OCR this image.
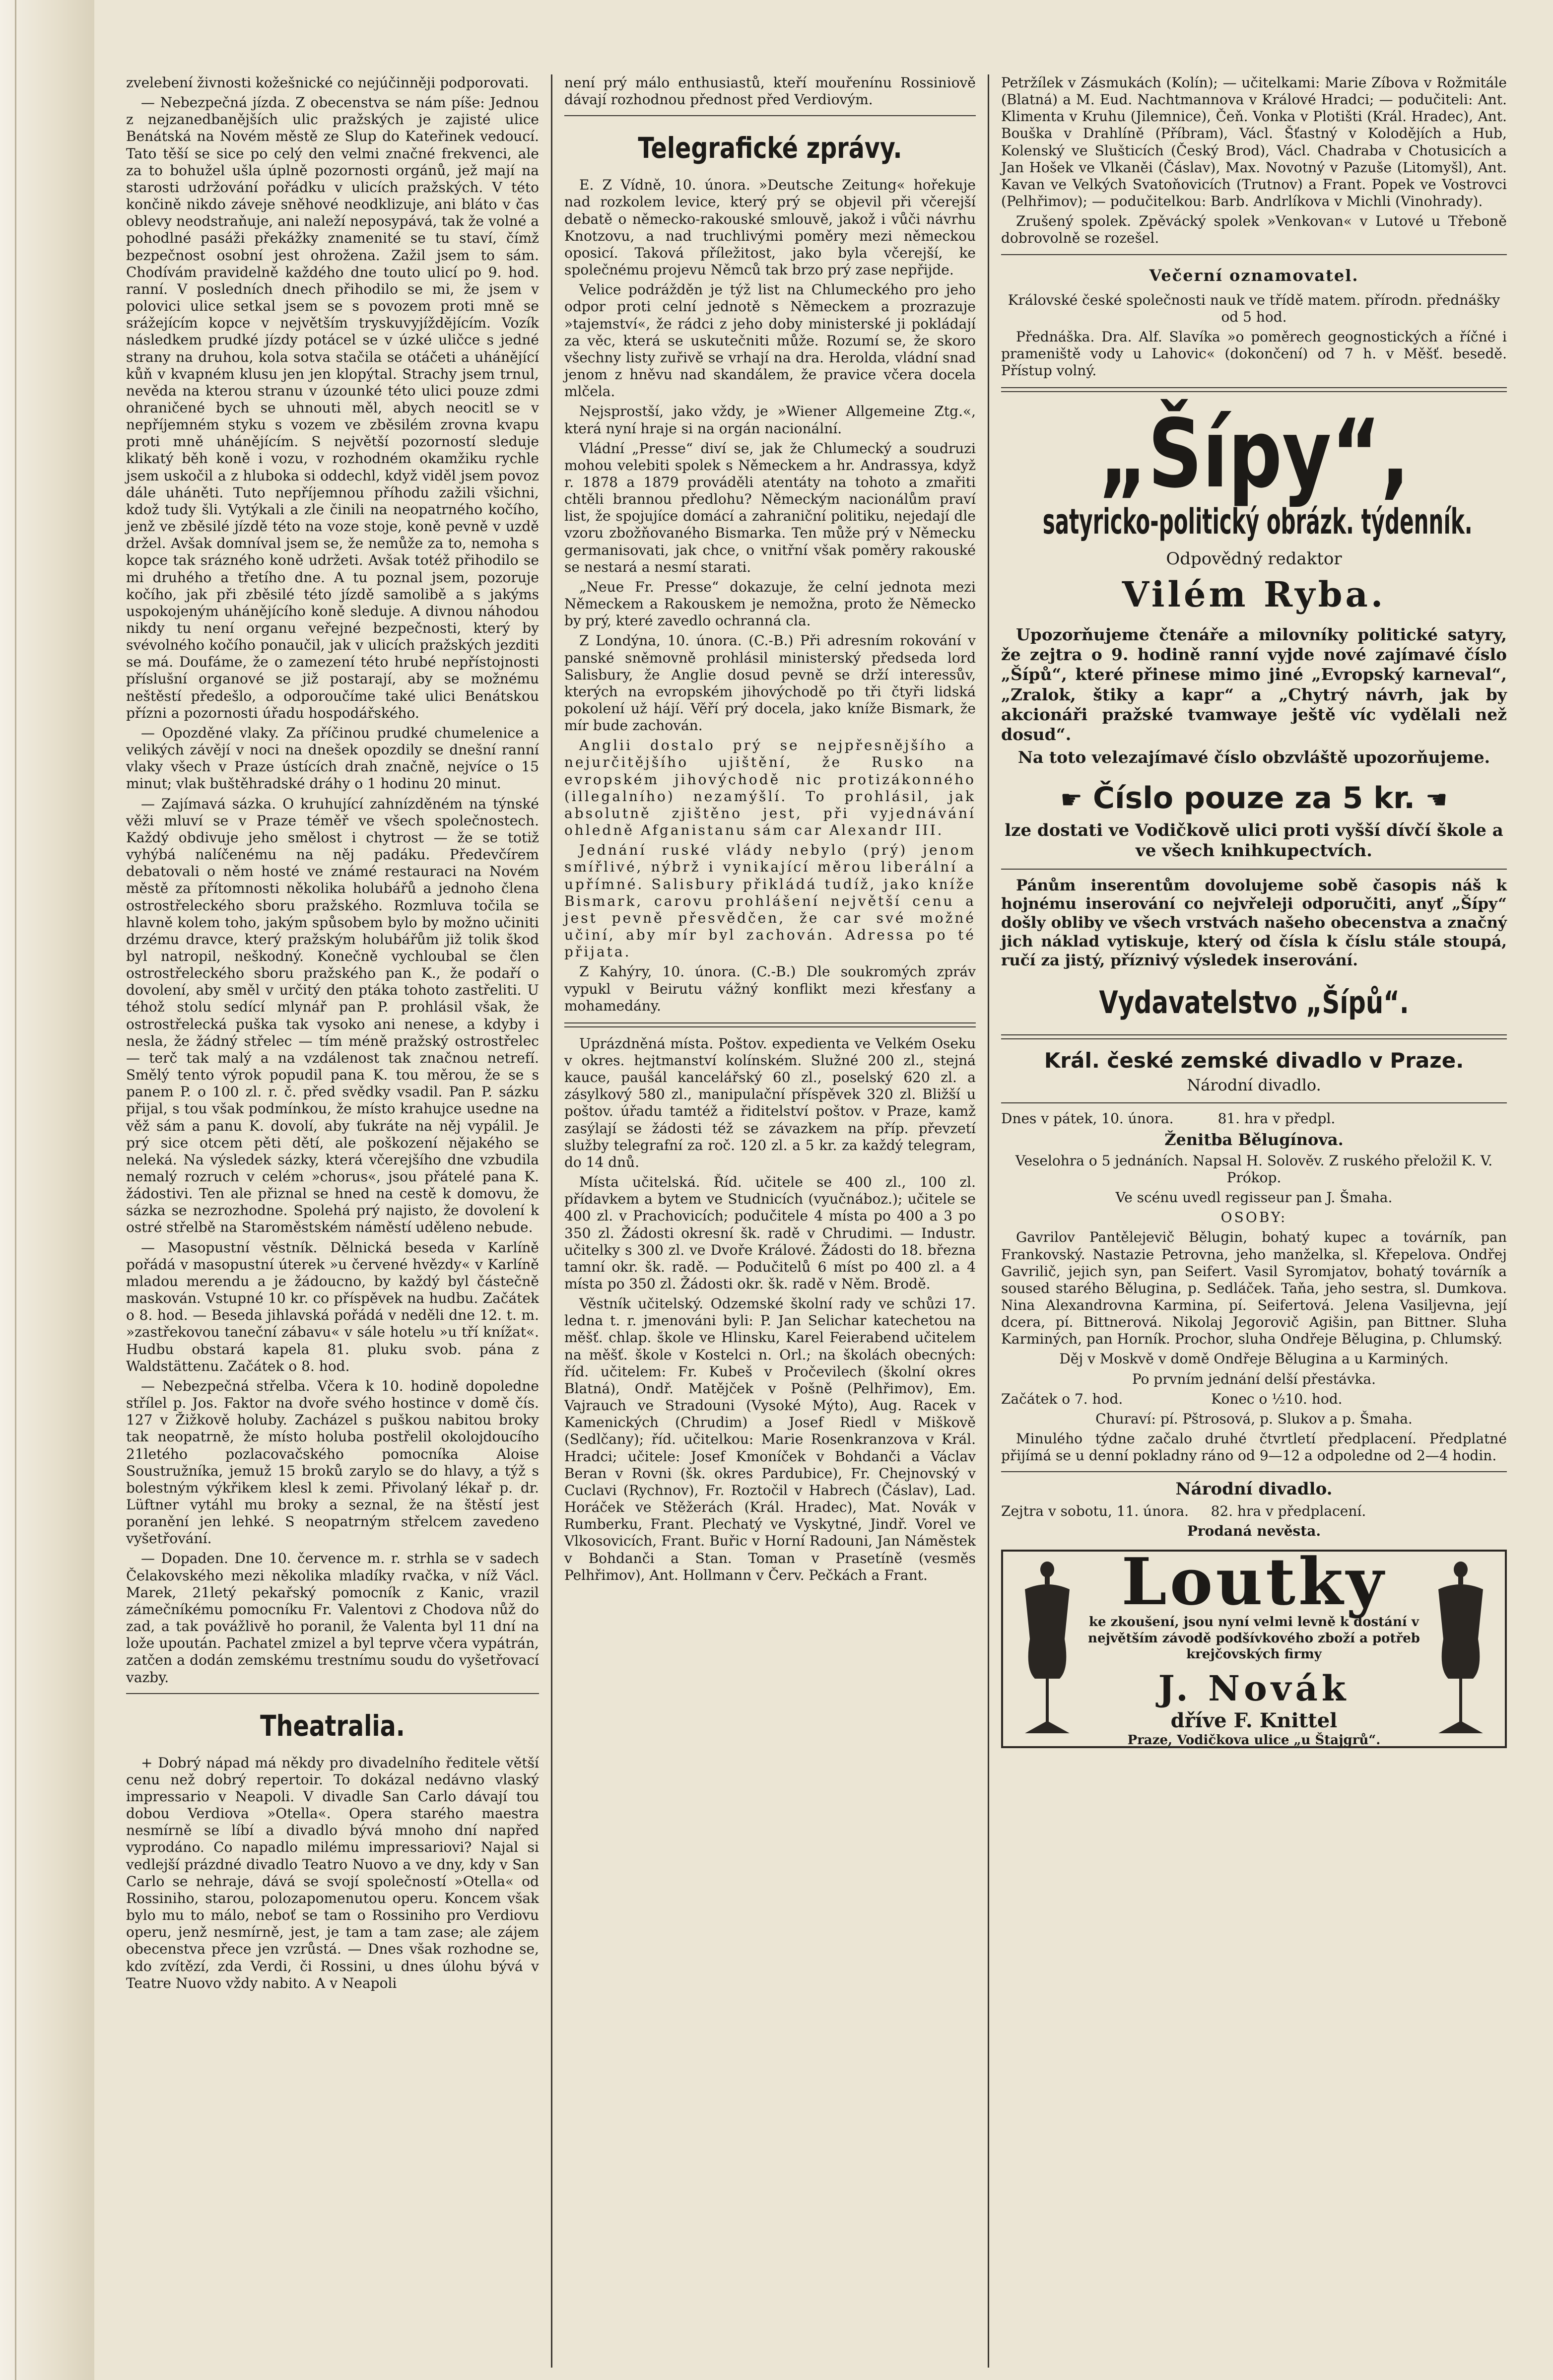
zvelebení živnosti kožešnické co nejúčinněji podporovati.

— Nebezpečná jízda. Z obecenstva se nám píše: Jednou z nejzanedbanějších ulic pražských je zajisté ulice Benátská na Novém městě ze Slup do Kateřinek vedoucí. Tato těší se sice po celý den velmi značné frekvenci, ale za to bohužel ušla úplně pozornosti orgánů, jež mají na starosti udržování pořádku v ulicích pražských. V této končině nikdo záveje sněhové neodklizuje, ani bláto v čas oblevy neodstraňuje, ani naleží neposypává, tak že volné a pohodlné pasáži překážky znamenité se tu staví, čímž bezpečnost osobní jest ohrožena. Zažil jsem to sám. Chodívám pravidelně každého dne touto ulicí po 9. hod. ranní. V posledních dnech přihodilo se mi, že jsem v polovici ulice setkal jsem se s povozem proti mně se srážejícím kopce v největším tryskuvyjíždějícím. Vozík následkem prudké jízdy potácel se v úzké uličce s jedné strany na druhou, kola sotva stačila se otáčeti a uhánějící kůň v kvapném klusu jen jen klopýtal. Strachy jsem trnul, nevěda na kterou stranu v úzounké této ulici pouze zdmi ohraničené bych se uhnouti měl, abych neocitl se v nepříjemném styku s vozem ve zběsilém zrovna kvapu proti mně uhánějícím. S největší pozorností sleduje klikatý běh koně i vozu, v rozhodném okamžiku rychle jsem uskočil a z hluboka si oddechl, když viděl jsem povoz dále uháněti. Tuto nepříjemnou příhodu zažili všichni, kdož tudy šli. Vytýkali a zle činili na neopatrného kočího, jenž ve zběsilé jízdě této na voze stoje, koně pevně v uzdě držel. Avšak domníval jsem se, že nemůže za to, nemoha s kopce tak srázného koně udržeti. Avšak totéž přihodilo se mi druhého a třetího dne. A tu poznal jsem, pozoruje kočího, jak při zběsilé této jízdě samolibě a s jakýms uspokojeným uhánějícího koně sleduje. A divnou náhodou nikdy tu není organu veřejné bezpečnosti, který by svévolného kočího ponaučil, jak v ulicích pražských jezditi se má. Doufáme, že o zamezení této hrubé nepřístojnosti příslušní organové se již postarají, aby se možnému neštěstí předešlo, a odporoučíme také ulici Benátskou přízni a pozornosti úřadu hospodářského.

— Opozděné vlaky. Za příčinou prudké chumelenice a velikých závějí v noci na dnešek opozdily se dnešní ranní vlaky všech v Praze ústících drah značně, nejvíce o 15 minut; vlak buštěhradské dráhy o 1 hodinu 20 minut.

— Zajímavá sázka. O kruhující zahnízděném na týnské věži mluví se v Praze téměř ve všech společnostech. Každý obdivuje jeho smělost i chytrost — že se totiž vyhýbá nalíčenému na něj padáku. Předevčírem debatovali o něm hosté ve známé restauraci na Novém městě za přítomnosti několika holubářů a jednoho člena ostrostřeleckého sboru pražského. Rozmluva točila se hlavně kolem toho, jakým spůsobem bylo by možno učiniti drzému dravce, který pražským holubářům již tolik škod byl natropil, neškodný. Konečně vychloubal se člen ostrostřeleckého sboru pražského pan K., že podaří o dovolení, aby směl v určitý den ptáka tohoto zastřeliti. U téhož stolu sedící mlynář pan P. prohlásil však, že ostrostřelecká puška tak vysoko ani nenese, a kdyby i nesla, že žádný střelec — tím méně pražský ostrostřelec — terč tak malý a na vzdálenost tak značnou netrefí. Smělý tento výrok popudil pana K. tou měrou, že se s panem P. o 100 zl. r. č. před svědky vsadil. Pan P. sázku přijal, s tou však podmínkou, že místo krahujce usedne na věž sám a panu K. dovolí, aby ťukráte na něj vypálil. Je prý sice otcem pěti dětí, ale poškození nějakého se neleká. Na výsledek sázky, která včerejšího dne vzbudila nemalý rozruch v celém »chorus«, jsou přátelé pana K. žádostivi. Ten ale přiznal se hned na cestě k domovu, že sázka se nezrozhodne. Spolehá prý najisto, že dovolení k ostré střelbě na Staroměstském náměstí uděleno nebude.

— Masopustní věstník. Dělnická beseda v Karlíně pořádá v masopustní úterek »u červené hvězdy« v Karlíně mladou merendu a je žádoucno, by každý byl částečně maskován. Vstupné 10 kr. co příspěvek na hudbu. Začátek o 8. hod. — Beseda jihlavská pořádá v neděli dne 12. t. m. »zastřekovou taneční zábavu« v sále hotelu »u tří knížat«. Hudbu obstará kapela 81. pluku svob. pána z Waldstättenu. Začátek o 8. hod.

— Nebezpečná střelba. Včera k 10. hodině dopoledne střílel p. Jos. Faktor na dvoře svého hostince v domě čís. 127 v Žižkově holuby. Zacházel s puškou nabitou broky tak neopatrně, že místo holuba postřelil okolojdoucího 21letého pozlacovačského pomocníka Aloise Soustružníka, jemuž 15 broků zarylo se do hlavy, a týž s bolestným výkřikem klesl k zemi. Přivolaný lékař p. dr. Lüftner vytáhl mu broky a seznal, že na štěstí jest poranění jen lehké. S neopatrným střelcem zavedeno vyšetřování.

— Dopaden. Dne 10. července m. r. strhla se v sadech Čelakovského mezi několika mladíky rvačka, v níž Václ. Marek, 21letý pekařský pomocník z Kanic, vrazil zámečníkému pomocníku Fr. Valentovi z Chodova nůž do zad, a tak povážlivě ho poranil, že Valenta byl 11 dní na lože upoután. Pachatel zmizel a byl teprve včera vypátrán, zatčen a dodán zemskému trestnímu soudu do vyšetřovací vazby.

Theatralia.

+ Dobrý nápad má někdy pro divadelního ředitele větší cenu než dobrý repertoir. To dokázal nedávno vlaský impressario v Neapoli. V divadle San Carlo dávají tou dobou Verdiova »Otella«. Opera starého maestra nesmírně se líbí a divadlo bývá mnoho dní napřed vyprodáno. Co napadlo milému impressariovi? Najal si vedlejší prázdné divadlo Teatro Nuovo a ve dny, kdy v San Carlo se nehraje, dává se svojí společností »Otella« od Rossiniho, starou, polozapomenutou operu. Koncem však bylo mu to málo, neboť se tam o Rossiniho pro Verdiovu operu, jenž nesmírně, jest, je tam a tam zase; ale zájem obecenstva přece jen vzrůstá. — Dnes však rozhodne se, kdo zvítězí, zda Verdi, či Rossini, u dnes úlohu bývá v Teatre Nuovo vždy nabito. A v Neapoli

není prý málo enthusiastů, kteří mouřenínu Rossiniově dávají rozhodnou přednost před Verdiovým.

Telegrafické zprávy.

E. Z Vídně, 10. února. »Deutsche Zeitung« hořekuje nad rozkolem levice, který prý se objevil při včerejší debatě o německo-rakouské smlouvě, jakož i vůči návrhu Knotzovu, a nad truchlivými poměry mezi německou oposicí. Taková příležitost, jako byla včerejší, ke společnému projevu Němců tak brzo prý zase nepřijde.

Velice podrážděn je týž list na Chlumeckého pro jeho odpor proti celní jednotě s Německem a prozrazuje »tajemství«, že rádci z jeho doby ministerské ji pokládají za věc, která se uskutečniti může. Rozumí se, že skoro všechny listy zuřivě se vrhají na dra. Herolda, vládní snad jenom z hněvu nad skandálem, že pravice včera docela mlčela.

Nejsprostší, jako vždy, je »Wiener Allgemeine Ztg.«, která nyní hraje si na orgán nacionální.

Vládní „Presse“ diví se, jak že Chlumecký a soudruzi mohou velebiti spolek s Německem a hr. Andrassya, když r. 1878 a 1879 prováděli atentáty na tohoto a zmařiti chtěli brannou předlohu? Německým nacionálům praví list, že spojujíce domácí a zahraniční politiku, nejedají dle vzoru zbožňovaného Bismarka. Ten může prý v Německu germanisovati, jak chce, o vnitřní však poměry rakouské se nestará a nesmí starati.

„Neue Fr. Presse“ dokazuje, že celní jednota mezi Německem a Rakouskem je nemožna, proto že Německo by prý, které zavedlo ochranná cla.

Z Londýna, 10. února. (C.-B.) Při adresním rokování v panské sněmovně prohlásil ministerský předseda lord Salisbury, že Anglie dosud pevně se drží interessův, kterých na evropském jihovýchodě po tři čtyři lidská pokolení už hájí. Věří prý docela, jako kníže Bismark, že mír bude zachován.

Anglii dostalo prý se nejpřesnějšího a nejurčitějšího ujištění, že Rusko na evropském jihovýchodě nic protizákonného (illegalního) nezamýšlí. To prohlásil, jak absolutně zjištěno jest, při vyjednávání ohledně Afganistanu sám car Alexandr III.

Jednání ruské vlády nebylo (prý) jenom smířlivé, nýbrž i vynikající měrou liberální a upřímné. Salisbury přikládá tudíž, jako kníže Bismark, carovu prohlášení největší cenu a jest pevně přesvědčen, že car své možné učiní, aby mír byl zachován. Adressa po té přijata.

Z Kahýry, 10. února. (C.-B.) Dle soukromých zpráv vypukl v Beirutu vážný konflikt mezi křesťany a mohamedány.

Uprázdněná místa. Poštov. expedienta ve Velkém Oseku v okres. hejtmanství kolínském. Služné 200 zl., stejná kauce, paušál kancelářský 60 zl., poselský 620 zl. a zásylkový 580 zl., manipulační příspěvek 320 zl. Bližší u poštov. úřadu tamtéž a řiditelství poštov. v Praze, kamž zasýlají se žádosti též se závazkem na příp. převzetí služby telegrafní za roč. 120 zl. a 5 kr. za každý telegram, do 14 dnů.

Místa učitelská. Říd. učitele se 400 zl., 100 zl. přídavkem a bytem ve Studnicích (vyučnáboz.); učitele se 400 zl. v Prachovicích; podučitele 4 místa po 400 a 3 po 350 zl. Žádosti okresní šk. radě v Chrudimi. — Industr. učitelky s 300 zl. ve Dvoře Králové. Žádosti do 18. března tamní okr. šk. radě. — Podučitelů 6 míst po 400 zl. a 4 místa po 350 zl. Žádosti okr. šk. radě v Něm. Brodě.

Věstník učitelský. Odzemské školní rady ve schůzi 17. ledna t. r. jmenováni byli: P. Jan Selichar katechetou na měšť. chlap. škole ve Hlinsku, Karel Feierabend učitelem na měšť. škole v Kostelci n. Orl.; na školách obecných: říd. učitelem: Fr. Kubeš v Pročevilech (školní okres Blatná), Ondř. Matějček v Pošně (Pelhřimov), Em. Vajrauch ve Stradouni (Vysoké Mýto), Aug. Racek v Kamenických (Chrudim) a Josef Riedl v Miškově (Sedlčany); říd. učitelkou: Marie Rosenkranzova v Král. Hradci; učitele: Josef Kmoníček v Bohdanči a Václav Beran v Rovni (šk. okres Pardubice), Fr. Chejnovský v Cuclavi (Rychnov), Fr. Roztočil v Habrech (Čáslav), Lad. Horáček ve Stěžerách (Král. Hradec), Mat. Novák v Rumberku, Frant. Plechatý ve Vyskytné, Jindř. Vorel ve Vlkosovicích, Frant. Buřic v Horní Radouni, Jan Náměstek v Bohdanči a Stan. Toman v Prasetíně (vesměs Pelhřimov), Ant. Hollmann v Červ. Pečkách a Frant.

Petržílek v Zásmukách (Kolín); — učitelkami: Marie Zíbova v Rožmitále (Blatná) a M. Eud. Nachtmannova v Králové Hradci; — podučiteli: Ant. Klimenta v Kruhu (Jilemnice), Čeň. Vonka v Plotišti (Král. Hradec), Ant. Bouška v Drahlíně (Příbram), Václ. Šťastný v Kolodějích a Hub, Kolenský ve Slušticích (Český Brod), Václ. Chadraba v Chotusicích a Jan Hošek ve Vlkaněi (Čáslav), Max. Novotný v Pazuše (Litomyšl), Ant. Kavan ve Velkých Svatoňovicích (Trutnov) a Frant. Popek ve Vostrovci (Pelhřimov); — podučitelkou: Barb. Andrlíkova v Michli (Vinohrady).

Zrušený spolek. Zpěvácký spolek »Venkovan« v Lutové u Třeboně dobrovolně se rozešel.

Večerní oznamovatel.

Královské české společnosti nauk ve třídě matem. přírodn. přednášky od 5 hod.

Přednáška. Dra. Alf. Slavíka »o poměrech geognostických a říčné i prameniště vody u Lahovic« (dokončení) od 7 h. v Měšť. besedě. Přístup volný.

„Šípy“,
satyricko-politický obrázk. týdenník.

Odpovědný redaktor

Vilém Ryba.

Upozorňujeme čtenáře a milovníky politické satyry, že zejtra o 9. hodině ranní vyjde nové zajímavé číslo „Šípů“, které přinese mimo jiné „Evropský karneval“, „Zralok, štiky a kapr“ a „Chytrý návrh, jak by akcionáři pražské tvamwaye ještě víc vydělali než dosud“.

Na toto velezajímavé číslo obzvláště upozorňujeme.

☛ Číslo pouze za 5 kr. ☚

lze dostati ve Vodičkově ulici proti vyšší dívčí škole a ve všech knihkupectvích.

Pánům inserentům dovolujeme sobě časopis náš k hojnému inserování co nejvřeleji odporučiti, anyť „Šípy“ došly obliby ve všech vrstvách našeho obecenstva a značný jich náklad vytiskuje, který od čísla k číslu stále stoupá, ručí za jistý, příznivý výsledek inserování.

Vydavatelstvo „Šípů“.
Král. české zemské divadlo v Praze.
Národní divadlo.

Dnes v pátek, 10. února.          81. hra v předpl.

Ženitba Bělugínova.

Veselohra o 5 jednáních. Napsal H. Solověv. Z ruského přeložil K. V. Prókop.

Ve scénu uvedl regisseur pan J. Šmaha.

OSOBY:

Gavrilov Pantělejevič Bělugin, bohatý kupec a továrník, pan Frankovský. Nastazie Petrovna, jeho manželka, sl. Křepelova. Ondřej Gavrilič, jejich syn, pan Seifert. Vasil Syromjatov, bohatý továrník a soused starého Bělugina, p. Sedláček. Taňa, jeho sestra, sl. Dumkova. Nina Alexandrovna Karmina, pí. Seifertová. Jelena Vasiljevna, její dcera, pí. Bittnerová. Nikolaj Jegorovič Agišin, pan Bittner. Sluha Karminých, pan Horník. Prochor, sluha Ondřeje Bělugina, p. Chlumský.

Děj v Moskvě v domě Ondřeje Bělugina a u Karminých.

Po prvním jednání delší přestávka.

Začátek o 7. hod.                    Konec o ½10. hod.

Churaví: pí. Pštrosová, p. Slukov a p. Šmaha.

Minulého týdne začalo druhé čtvrtletí předplacení. Předplatné přijímá se u denní pokladny ráno od 9—12 a odpoledne od 2—4 hodin.

Národní divadlo.

Zejtra v sobotu, 11. února.     82. hra v předplacení.

Prodaná nevěsta.

Loutky
ke zkoušení, jsou nyní velmi levně k dostání v největším závodě podšívkového zboží a potřeb krejčovských firmy
J. Novák
dříve F. Knittel
Praze, Vodičkova ulice „u Štajgrů“.
